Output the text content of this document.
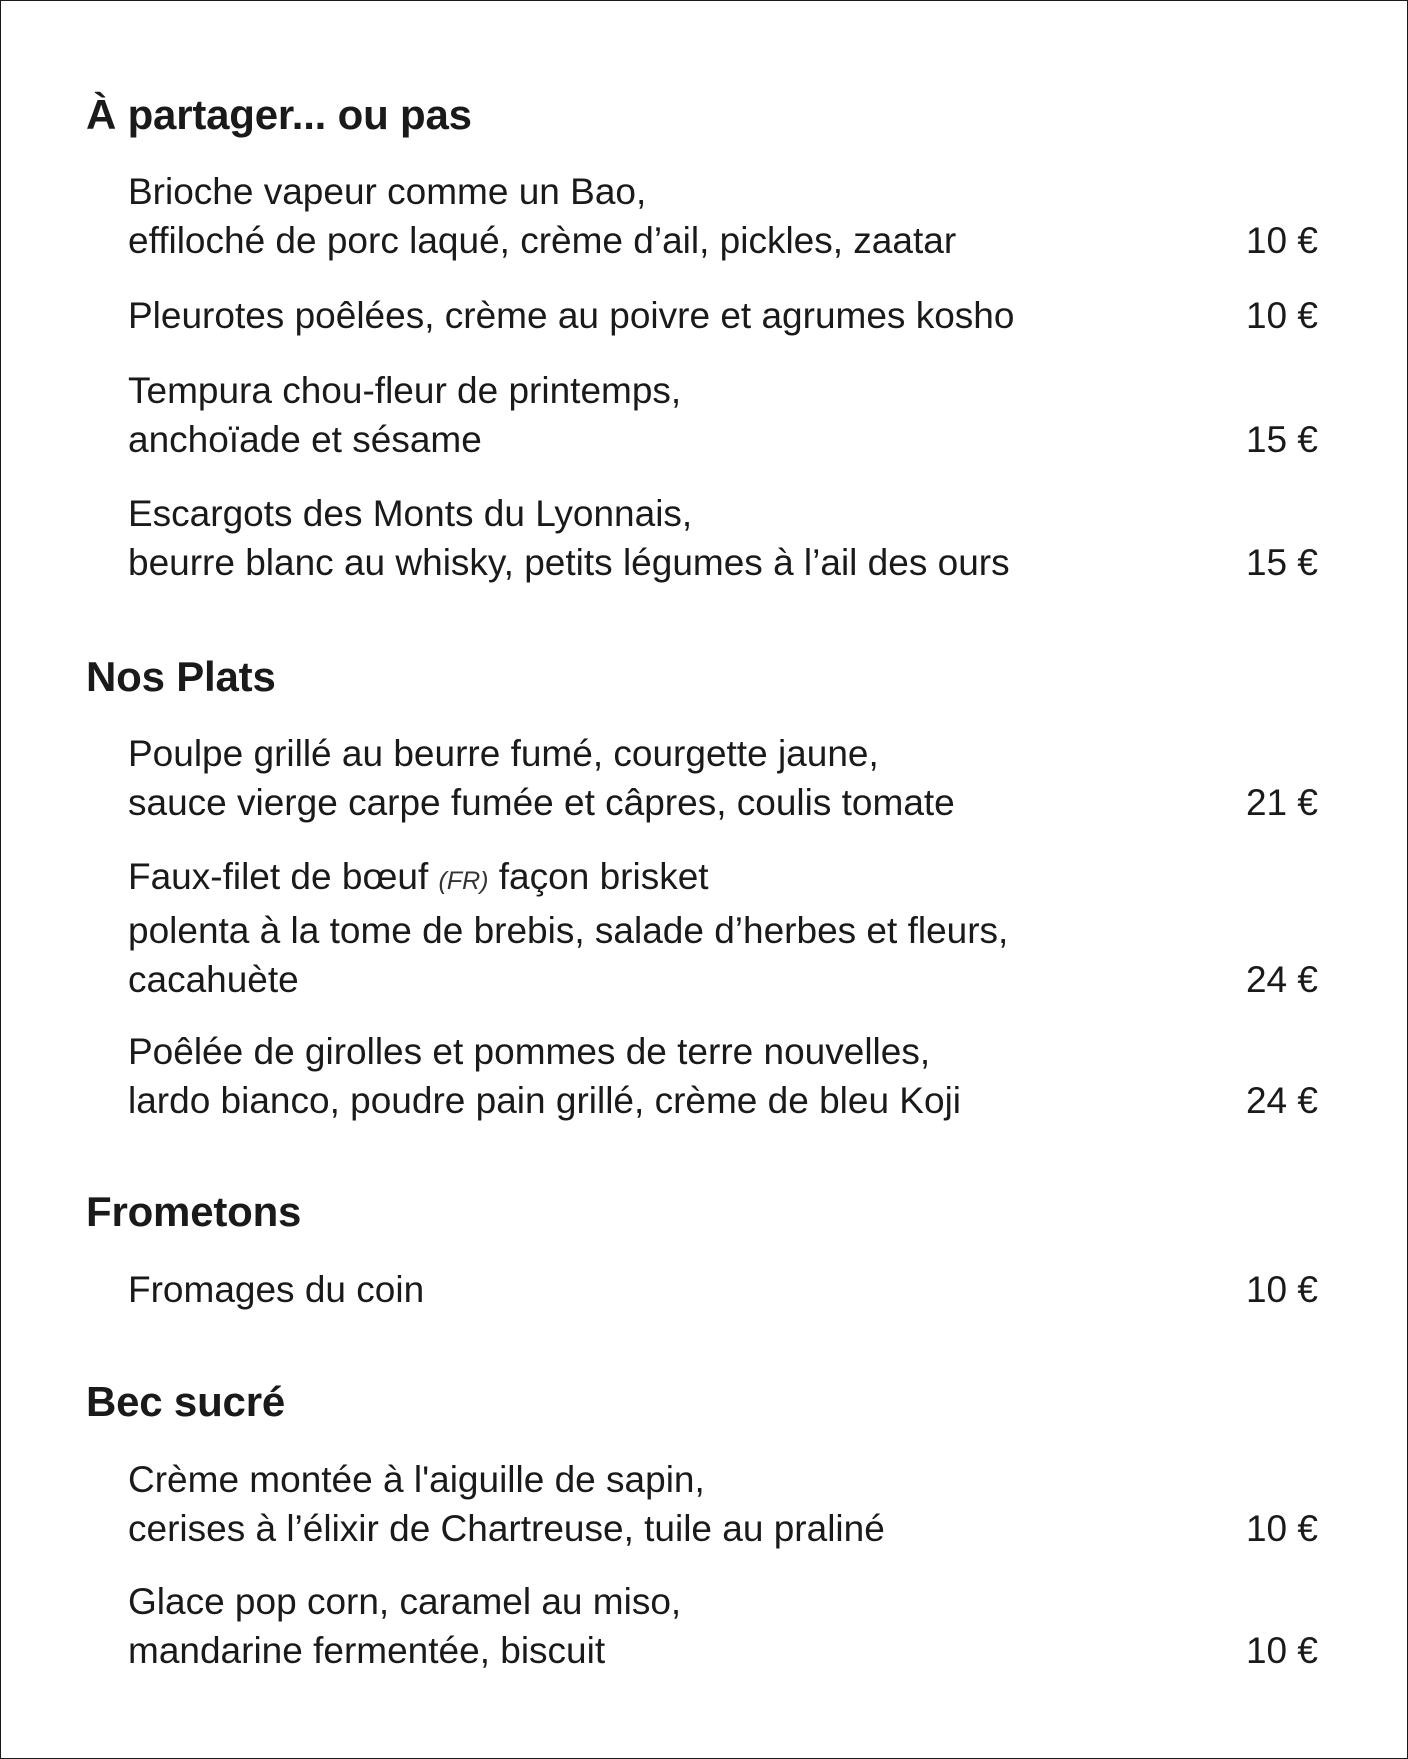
À partager... ou pas
Brioche vapeur comme un Bao,
effiloché de porc laqué, crème d’ail, pickles, zaatar	10 €
Pleurotes poêlées, crème au poivre et agrumes kosho	10 €
Tempura chou-fleur de printemps,
anchoïade et sésame	15 €
Escargots des Monts du Lyonnais,
beurre blanc au whisky, petits légumes à l’ail des ours	15 €
Nos Plats
Poulpe grillé au beurre fumé, courgette jaune,
sauce vierge carpe fumée et câpres, coulis tomate	21 €
Faux-filet de bœuf (FR) façon brisket
polenta à la tome de brebis, salade d’herbes et fleurs,
cacahuète	24 €
Poêlée de girolles et pommes de terre nouvelles,
lardo bianco, poudre pain grillé, crème de bleu Koji	24 €
Frometons
Fromages du coin	10 €
Bec sucré
Crème montée à l'aiguille de sapin,
cerises à l’élixir de Chartreuse, tuile au praliné	10 €
Glace pop corn, caramel au miso,
mandarine fermentée, biscuit	10 €
